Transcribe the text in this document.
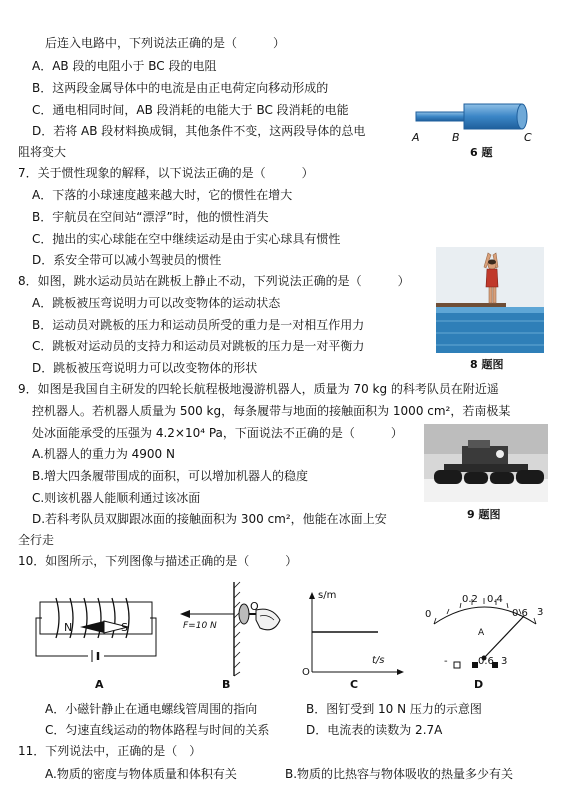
后连入电路中，下列说法正确的是（　　　）
A．AB 段的电阻小于 BC 段的电阻
B．这两段金属导体中的电流是由正电荷定向移动形成的
C．通电相同时间，AB 段消耗的电能大于 BC 段消耗的电能
D．若将 AB 段材料换成铜，其他条件不变，这两段导体的总电
阻将变大
A	B	C
6 题
7．关于惯性现象的解释，以下说法正确的是（　　　）
A．下落的小球速度越来越大时，它的惯性在增大
B．宇航员在空间站“漂浮”时，他的惯性消失
C．抛出的实心球能在空中继续运动是由于实心球具有惯性
D．系安全带可以减小驾驶员的惯性
8．如图，跳水运动员站在跳板上静止不动，下列说法正确的是（　　　）
A．跳板被压弯说明力可以改变物体的运动状态
B．运动员对跳板的压力和运动员所受的重力是一对相互作用力
C．跳板对运动员的支持力和运动员对跳板的压力是一对平衡力
D．跳板被压弯说明力可以改变物体的形状	8 题图
9．如图是我国自主研发的四轮长航程极地漫游机器人，质量为 70 kg 的科考队员在附近遥
控机器人。若机器人质量为 500 kg，每条履带与地面的接触面积为 1000 cm²，若南极某
处冰面能承受的压强为 4.2×10⁴ Pa，下面说法不正确的是（　　　）
A.机器人的重力为 4900 N
B.增大四条履带围成的面积，可以增加机器人的稳度
C.则该机器人能顺利通过该冰面
D.若科考队员双脚跟冰面的接触面积为 300 cm²，他能在冰面上安
全行走
9 题图
10．如图所示，下列图像与描述正确的是（　　　）
N	S
A
F=10 N
O
B
s/m
t/s
O
C
0
0.2 0.4
0.6 3
A
-	0.6 3
D
A．小磁针静止在通电螺线管周围的指向	B．图钉受到 10 N 压力的示意图
C．匀速直线运动的物体路程与时间的关系	D．电流表的读数为 2.7A
11．下列说法中，正确的是（　）
A.物质的密度与物体质量和体积有关	B.物质的比热容与物体吸收的热量多少有关
